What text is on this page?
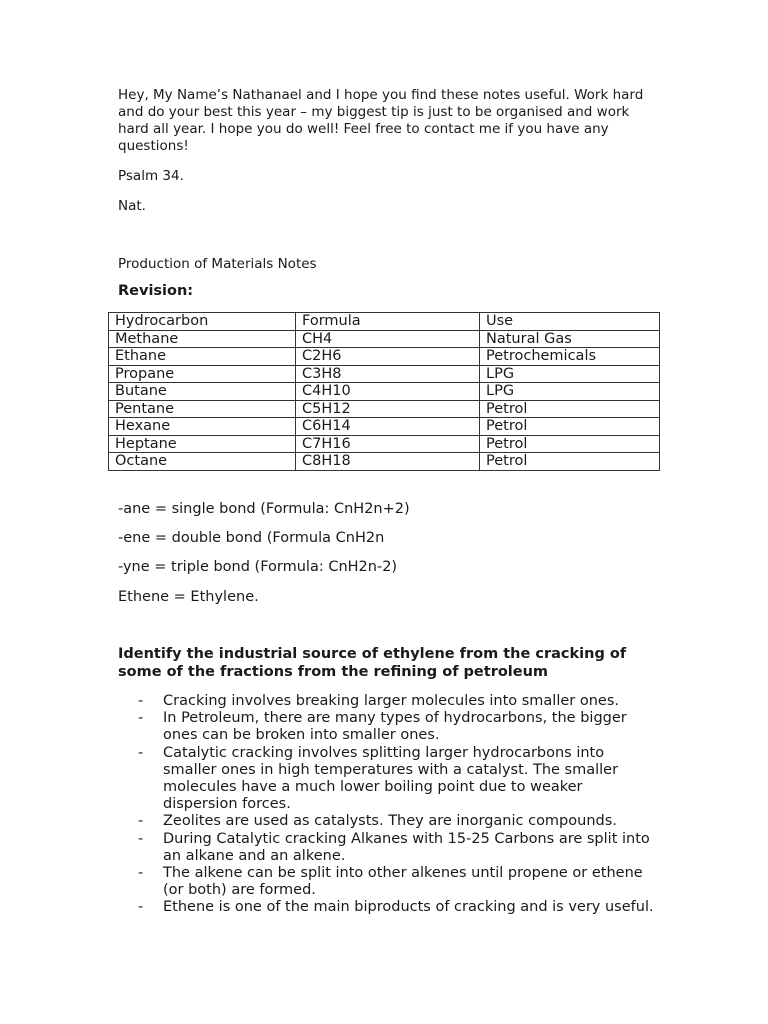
Hey, My Name’s Nathanael and I hope you find these notes useful. Work hard and do your best this year – my biggest tip is just to be organised and work hard all year. I hope you do well! Feel free to contact me if you have any questions!
Psalm 34.
Nat.
Production of Materials Notes
Revision:
Hydrocarbon	Formula	Use
Methane	CH4	Natural Gas
Ethane	C2H6	Petrochemicals
Propane	C3H8	LPG
Butane	C4H10	LPG
Pentane	C5H12	Petrol
Hexane	C6H14	Petrol
Heptane	C7H16	Petrol
Octane	C8H18	Petrol
-ane = single bond (Formula: CnH2n+2)
-ene = double bond (Formula CnH2n
-yne = triple bond (Formula: CnH2n-2)
Ethene = Ethylene.
Identify the industrial source of ethylene from the cracking of some of the fractions from the refining of petroleum
- Cracking involves breaking larger molecules into smaller ones.
- In Petroleum, there are many types of hydrocarbons, the bigger ones can be broken into smaller ones.
- Catalytic cracking involves splitting larger hydrocarbons into smaller ones in high temperatures with a catalyst. The smaller molecules have a much lower boiling point due to weaker dispersion forces.
- Zeolites are used as catalysts. They are inorganic compounds.
- During Catalytic cracking Alkanes with 15-25 Carbons are split into an alkane and an alkene.
- The alkene can be split into other alkenes until propene or ethene (or both) are formed.
- Ethene is one of the main biproducts of cracking and is very useful.
